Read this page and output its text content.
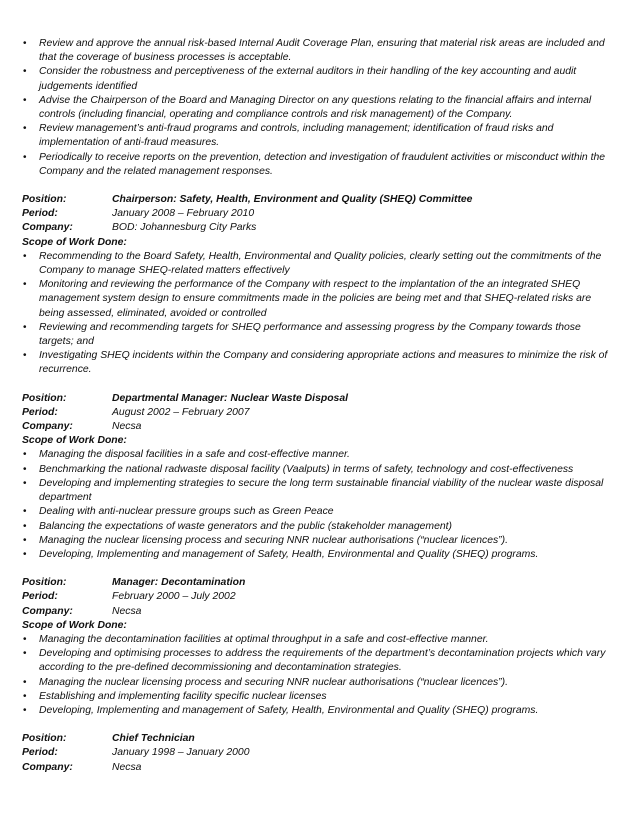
• Review and approve the annual risk-based Internal Audit Coverage Plan, ensuring that material risk areas are included and that the coverage of business processes is acceptable.
• Consider the robustness and perceptiveness of the external auditors in their handling of the key accounting and audit judgements identified
• Advise the Chairperson of the Board and Managing Director on any questions relating to the financial affairs and internal controls (including financial, operating and compliance controls and risk management) of the Company.
• Review management’s anti-fraud programs and controls, including management; identification of fraud risks and implementation of anti-fraud measures.
• Periodically to receive reports on the prevention, detection and investigation of fraudulent activities or misconduct within the Company and the related management responses.
Position:	Chairperson: Safety, Health, Environment and Quality (SHEQ) Committee
Period:	January 2008 – February 2010
Company:	BOD: Johannesburg City Parks
Scope of Work Done:
• Recommending to the Board Safety, Health, Environmental and Quality policies, clearly setting out the commitments of the Company to manage SHEQ-related matters effectively
• Monitoring and reviewing the performance of the Company with respect to the implantation of the an integrated SHEQ management system design to ensure commitments made in the policies are being met and that SHEQ-related risks are being assessed, eliminated, avoided or controlled
• Reviewing and recommending targets for SHEQ performance and assessing progress by the Company towards those targets; and
• Investigating SHEQ incidents within the Company and considering appropriate actions and measures to minimize the risk of recurrence.
Position:	Departmental Manager: Nuclear Waste Disposal
Period:	August 2002 – February 2007
Company:	Necsa
Scope of Work Done:
• Managing the disposal facilities in a safe and cost-effective manner.
• Benchmarking the national radwaste disposal facility (Vaalputs) in terms of safety, technology and cost-effectiveness
• Developing and implementing strategies to secure the long term sustainable financial viability of the nuclear waste disposal department
• Dealing with anti-nuclear pressure groups such as Green Peace
• Balancing the expectations of waste generators and the public (stakeholder management)
• Managing the nuclear licensing process and securing NNR nuclear authorisations (“nuclear licences”).
• Developing, Implementing and management of Safety, Health, Environmental and Quality (SHEQ) programs.
Position:	Manager: Decontamination
Period:	February 2000 – July 2002
Company:	Necsa
Scope of Work Done:
• Managing the decontamination facilities at optimal throughput in a safe and cost-effective manner.
• Developing and optimising processes to address the requirements of the department’s decontamination projects which vary according to the pre-defined decommissioning and decontamination strategies.
• Managing the nuclear licensing process and securing NNR nuclear authorisations (“nuclear licences”).
• Establishing and implementing facility specific nuclear licenses
• Developing, Implementing and management of Safety, Health, Environmental and Quality (SHEQ) programs.
Position:	Chief Technician
Period:	January 1998 – January 2000
Company:	Necsa
